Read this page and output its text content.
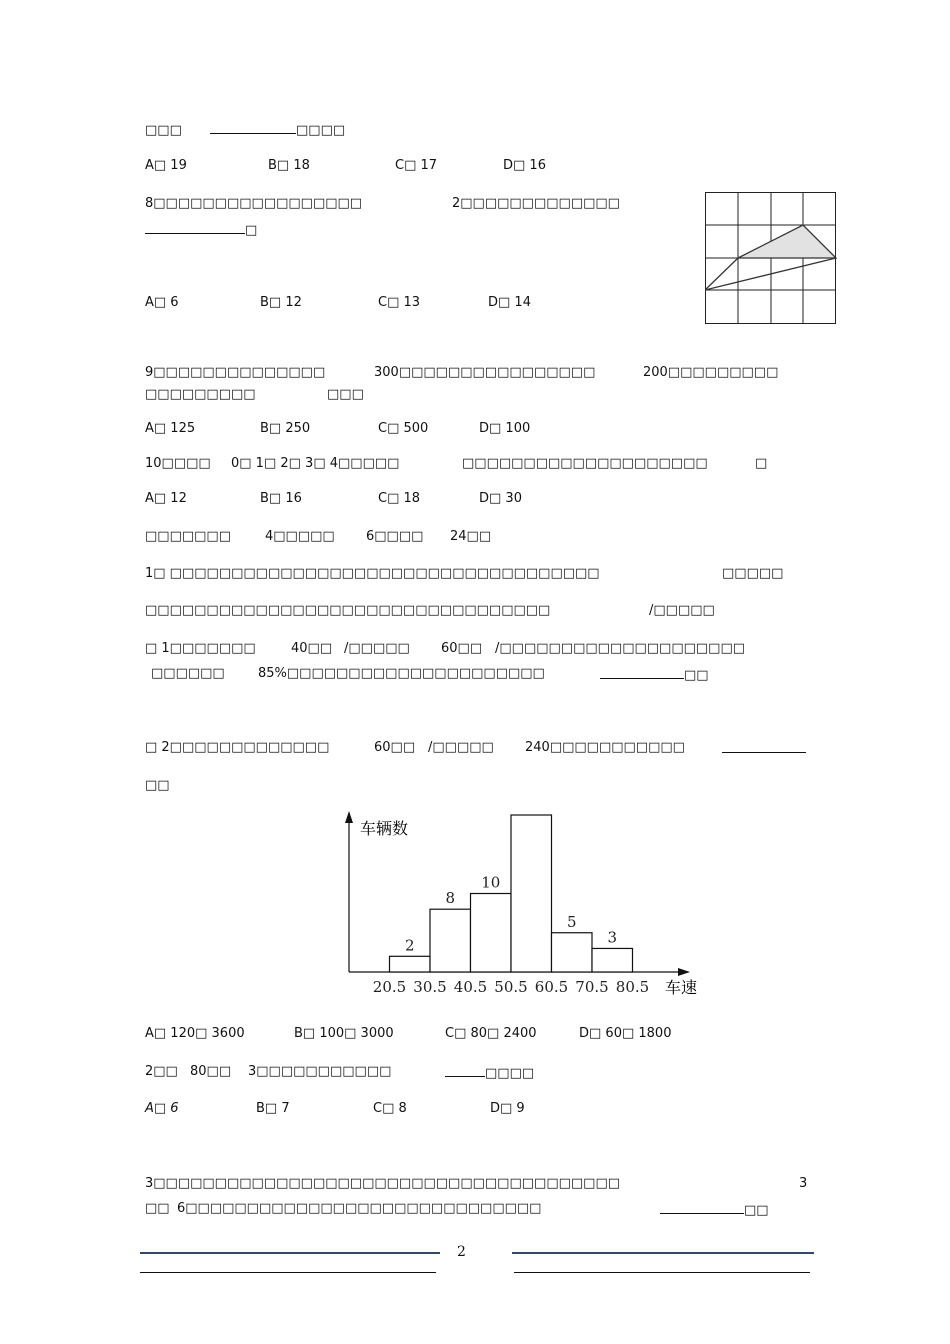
□□□	□□□□
A□ 19	B□ 18	C□ 17	D□ 16
8□□□□□□□□□□□□□□□□□	2□□□□□□□□□□□□□
□
A□ 6	B□ 12	C□ 13	D□ 14
9□□□□□□□□□□□□□□	300□□□□□□□□□□□□□□□□	200□□□□□□□□□
□□□□□□□□□	□□□
A□ 125	B□ 250	C□ 500	D□ 100
10□□□□ 0□ 1□ 2□ 3□ 4□□□□□	□□□□□□□□□□□□□□□□□□□□	□
A□ 12	B□ 16	C□ 18	D□ 30
□□□□□□□	4□□□□□ 6□□□□ 24□□
1□ □□□□□□□□□□□□□□□□□□□□□□□□□□□□□□□□□□□	□□□□□
□□□□□□□□□□□□□□□□□□□□□□□□□□□□□□□□□	/□□□□□
□ 1□□□□□□□	40□□ /□□□□□ 60□□ /□□□□□□□□□□□□□□□□□□□□
□□□□□□	85%□□□□□□□□□□□□□□□□□□□□□	□□
□ 2□□□□□□□□□□□□□	60□□ /□□□□□ 240□□□□□□□□□□□
□□
2
8
10
5
3
20.5 30.5 40.5 50.5 60.5 70.5 80.5
车辆数
车速
A□ 120□ 3600	B□ 100□ 3000	C□ 80□ 2400	D□ 60□ 1800
2□□ 80□□ 3□□□□□□□□□□□	□□□□
A□ 6	B□ 7	C□ 8	D□ 9
3□□□□□□□□□□□□□□□□□□□□□□□□□□□□□□□□□□□□□□	3
□□ 6□□□□□□□□□□□□□□□□□□□□□□□□□□□□□	□□
2
